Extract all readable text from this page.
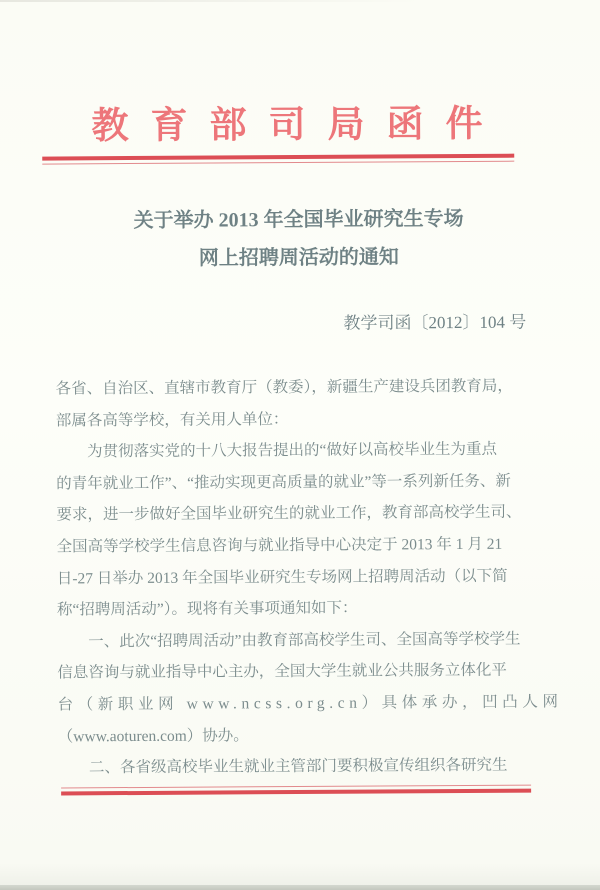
教育部司局函件
关于举办 2013 年全国毕业研究生专场
网上招聘周活动的通知
教学司函〔2012〕104 号
各省、自治区、直辖市教育厅（教委），新疆生产建设兵团教育局，
部属各高等学校，有关用人单位：
为贯彻落实党的十八大报告提出的“做好以高校毕业生为重点
的青年就业工作”、“推动实现更高质量的就业”等一系列新任务、新
要求，进一步做好全国毕业研究生的就业工作，教育部高校学生司、
全国高等学校学生信息咨询与就业指导中心决定于 2013 年 1 月 21
日-27 日举办 2013 年全国毕业研究生专场网上招聘周活动（以下简
称“招聘周活动”）。现将有关事项通知如下：
一、此次“招聘周活动”由教育部高校学生司、全国高等学校学生
信息咨询与就业指导中心主办，全国大学生就业公共服务立体化平
台（新职业网 www.ncss.org.cn）具体承办，凹凸人网
（www.aoturen.com）协办。
二、各省级高校毕业生就业主管部门要积极宣传组织各研究生
